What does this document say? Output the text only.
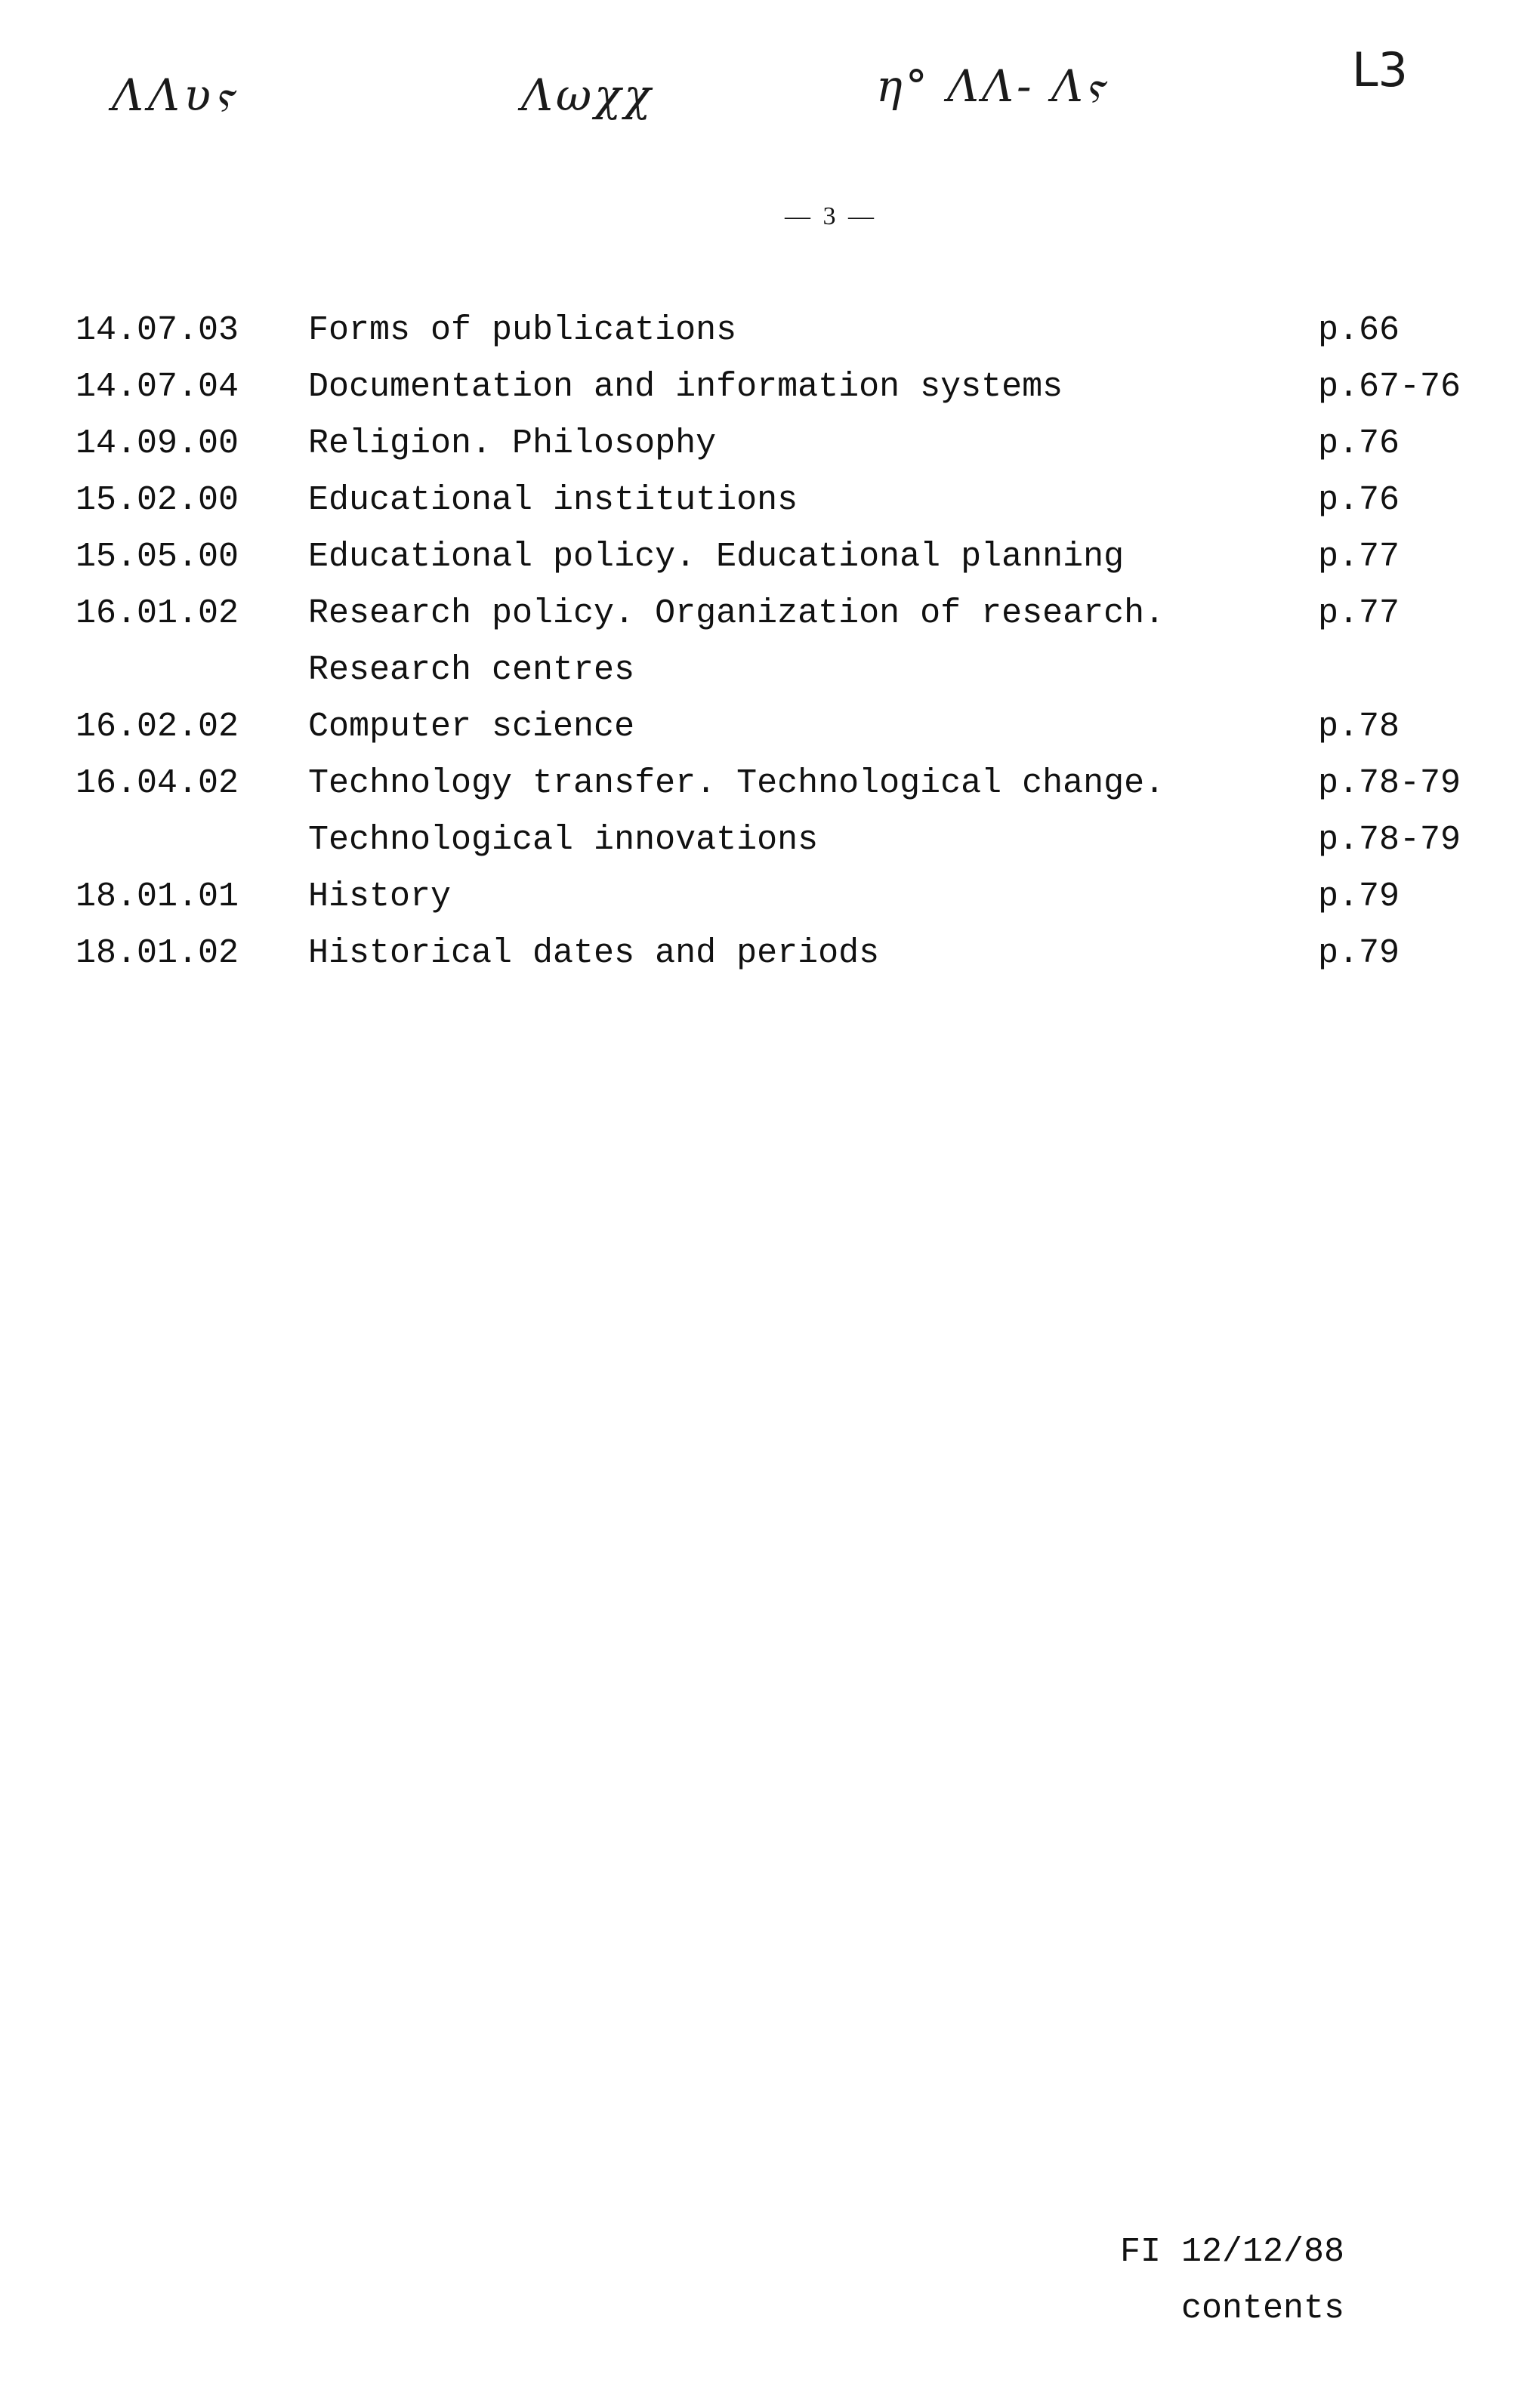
ΛΛυⲋ	Λωχχ	η° ΛΛ- Λⲋ	L3
— 3 —
14.07.03 Forms of publications	p.66
14.07.04 Documentation and information systems	p.67-76
14.09.00 Religion. Philosophy	p.76
15.02.00 Educational institutions	p.76
15.05.00 Educational policy. Educational planning	p.77
16.01.02 Research policy. Organization of research.	p.77
Research centres
16.02.02 Computer science	p.78
16.04.02 Technology transfer. Technological change.	p.78-79
Technological innovations	p.78-79
18.01.01 History	p.79
18.01.02 Historical dates and periods	p.79
FI 12/12/88
contents
